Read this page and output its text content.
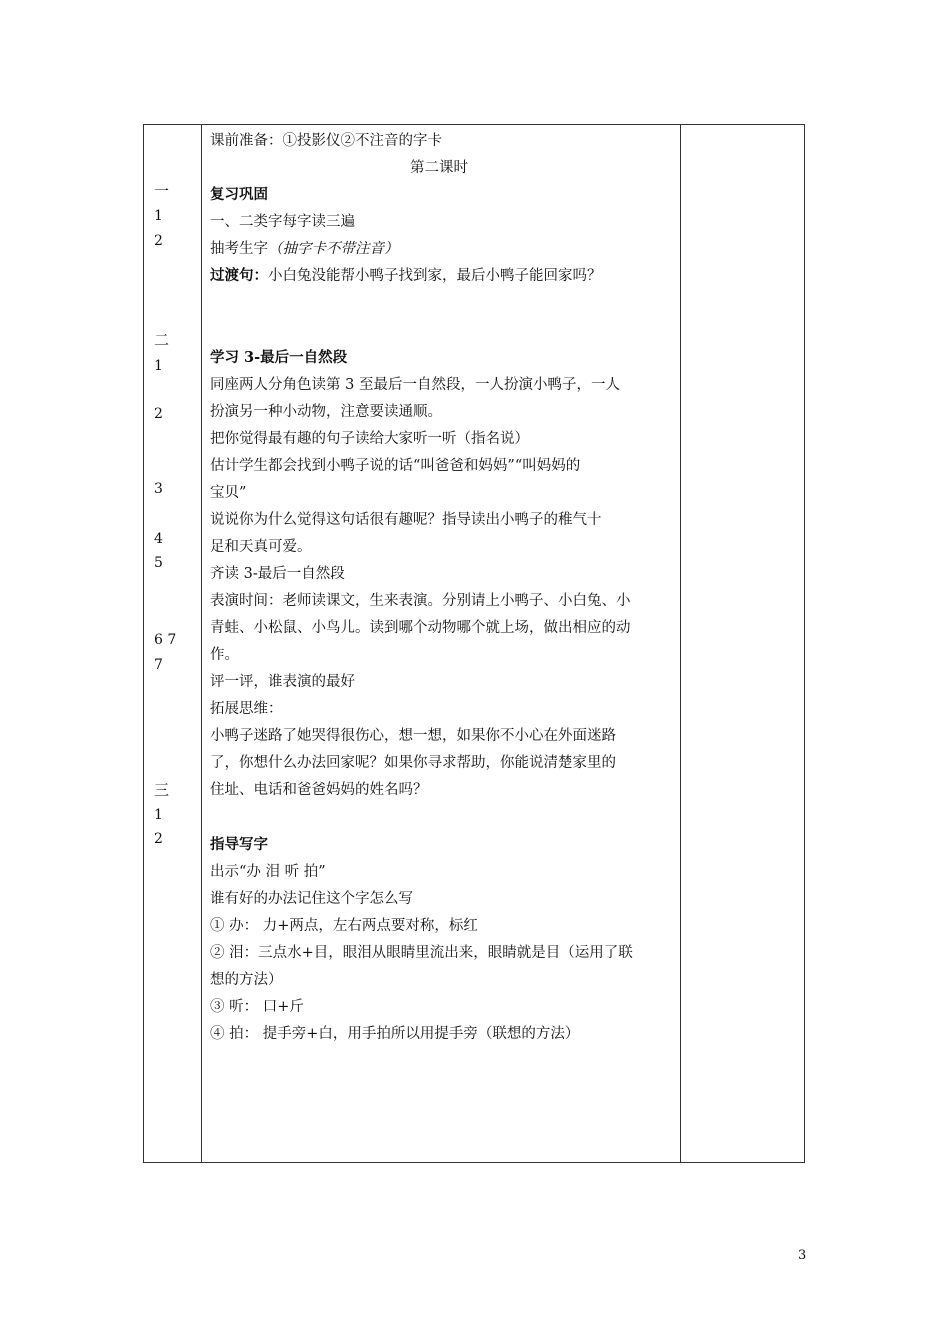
一
1
2
二
1
2
3
4
5
6 7
7
三
1
2
课前准备：①投影仪②不注音的字卡
第二课时
复习巩固
一、二类字每字读三遍
抽考生字（抽字卡不带注音）
过渡句：小白兔没能帮小鸭子找到家，最后小鸭子能回家吗？
学习 3-最后一自然段
同座两人分角色读第 3 至最后一自然段，一人扮演小鸭子，一人
扮演另一种小动物，注意要读通顺。
把你觉得最有趣的句子读给大家听一听（指名说）
估计学生都会找到小鸭子说的话“叫爸爸和妈妈”“叫妈妈的
宝贝”
说说你为什么觉得这句话很有趣呢？指导读出小鸭子的稚气十
足和天真可爱。
齐读 3-最后一自然段
表演时间：老师读课文，生来表演。分别请上小鸭子、小白兔、小
青蛙、小松鼠、小鸟儿。读到哪个动物哪个就上场，做出相应的动
作。
评一评，谁表演的最好
拓展思维：
小鸭子迷路了她哭得很伤心，想一想，如果你不小心在外面迷路
了，你想什么办法回家呢？如果你寻求帮助，你能说清楚家里的
住址、电话和爸爸妈妈的姓名吗？
指导写字
出示“办 泪 听 拍”
谁有好的办法记住这个字怎么写
① 办： 力+两点，左右两点要对称，标红
② 泪：三点水+目，眼泪从眼睛里流出来，眼睛就是目（运用了联
想的方法）
③ 听： 口+斤
④ 拍： 提手旁+白，用手拍所以用提手旁（联想的方法）
3
